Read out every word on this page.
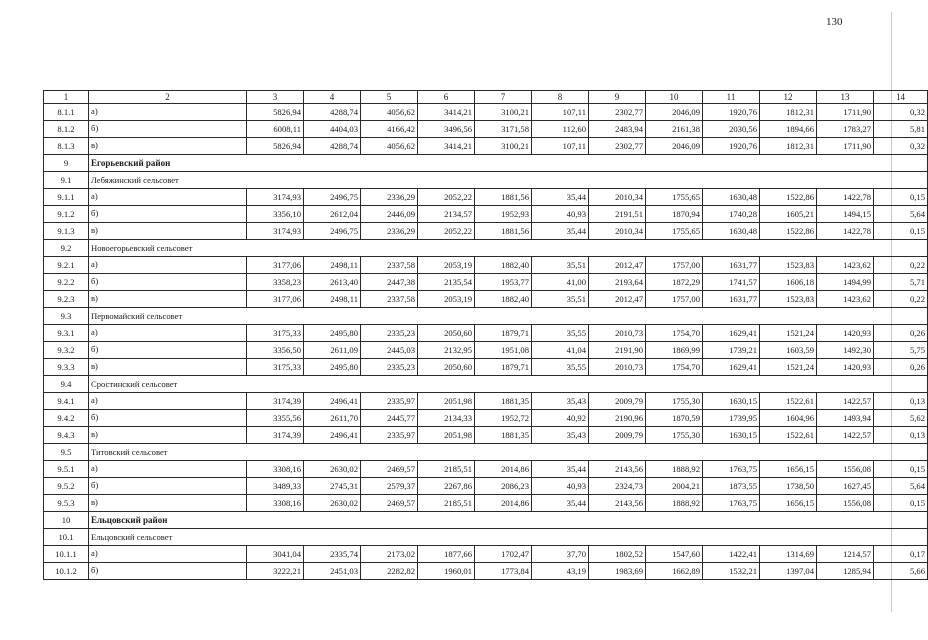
130
1	2	3	4	5	6	7	8	9	10	11	12	13	14
8.1.1	а)	5826,94	4288,74	4056,62	3414,21	3100,21	107,11	2302,77	2046,09	1920,76	1812,31	1711,90	0,32
8.1.2	б)	6008,11	4404,03	4166,42	3496,56	3171,58	112,60	2483,94	2161,38	2030,56	1894,66	1783,27	5,81
8.1.3	в)	5826,94	4288,74	4056,62	3414,21	3100,21	107,11	2302,77	2046,09	1920,76	1812,31	1711,90	0,32
9	Егорьевский район												
9.1	Лебяжинский сельсовет												
9.1.1	а)	3174,93	2496,75	2336,29	2052,22	1881,56	35,44	2010,34	1755,65	1630,48	1522,86	1422,78	0,15
9.1.2	б)	3356,10	2612,04	2446,09	2134,57	1952,93	40,93	2191,51	1870,94	1740,28	1605,21	1494,15	5,64
9.1.3	в)	3174,93	2496,75	2336,29	2052,22	1881,56	35,44	2010,34	1755,65	1630,48	1522,86	1422,78	0,15
9.2	Новоегорьевский сельсовет												
9.2.1	а)	3177,06	2498,11	2337,58	2053,19	1882,40	35,51	2012,47	1757,00	1631,77	1523,83	1423,62	0,22
9.2.2	б)	3358,23	2613,40	2447,38	2135,54	1953,77	41,00	2193,64	1872,29	1741,57	1606,18	1494,99	5,71
9.2.3	в)	3177,06	2498,11	2337,58	2053,19	1882,40	35,51	2012,47	1757,00	1631,77	1523,83	1423,62	0,22
9.3	Первомайский сельсовет												
9.3.1	а)	3175,33	2495,80	2335,23	2050,60	1879,71	35,55	2010,73	1754,70	1629,41	1521,24	1420,93	0,26
9.3.2	б)	3356,50	2611,09	2445,03	2132,95	1951,08	41,04	2191,90	1869,99	1739,21	1603,59	1492,30	5,75
9.3.3	в)	3175,33	2495,80	2335,23	2050,60	1879,71	35,55	2010,73	1754,70	1629,41	1521,24	1420,93	0,26
9.4	Сростинский сельсовет												
9.4.1	а)	3174,39	2496,41	2335,97	2051,98	1881,35	35,43	2009,79	1755,30	1630,15	1522,61	1422,57	0,13
9.4.2	б)	3355,56	2611,70	2445,77	2134,33	1952,72	40,92	2190,96	1870,59	1739,95	1604,96	1493,94	5,62
9.4.3	в)	3174,39	2496,41	2335,97	2051,98	1881,35	35,43	2009,79	1755,30	1630,15	1522,61	1422,57	0,13
9.5	Титовский сельсовет												
9.5.1	а)	3308,16	2630,02	2469,57	2185,51	2014,86	35,44	2143,56	1888,92	1763,75	1656,15	1556,08	0,15
9.5.2	б)	3489,33	2745,31	2579,37	2267,86	2086,23	40,93	2324,73	2004,21	1873,55	1738,50	1627,45	5,64
9.5.3	в)	3308,16	2630,02	2469,57	2185,51	2014,86	35,44	2143,56	1888,92	1763,75	1656,15	1556,08	0,15
10	Ельцовский район												
10.1	Ельцовский сельсовет												
10.1.1	а)	3041,04	2335,74	2173,02	1877,66	1702,47	37,70	1802,52	1547,60	1422,41	1314,69	1214,57	0,17
10.1.2	б)	3222,21	2451,03	2282,82	1960,01	1773,84	43,19	1983,69	1662,89	1532,21	1397,04	1285,94	5,66
